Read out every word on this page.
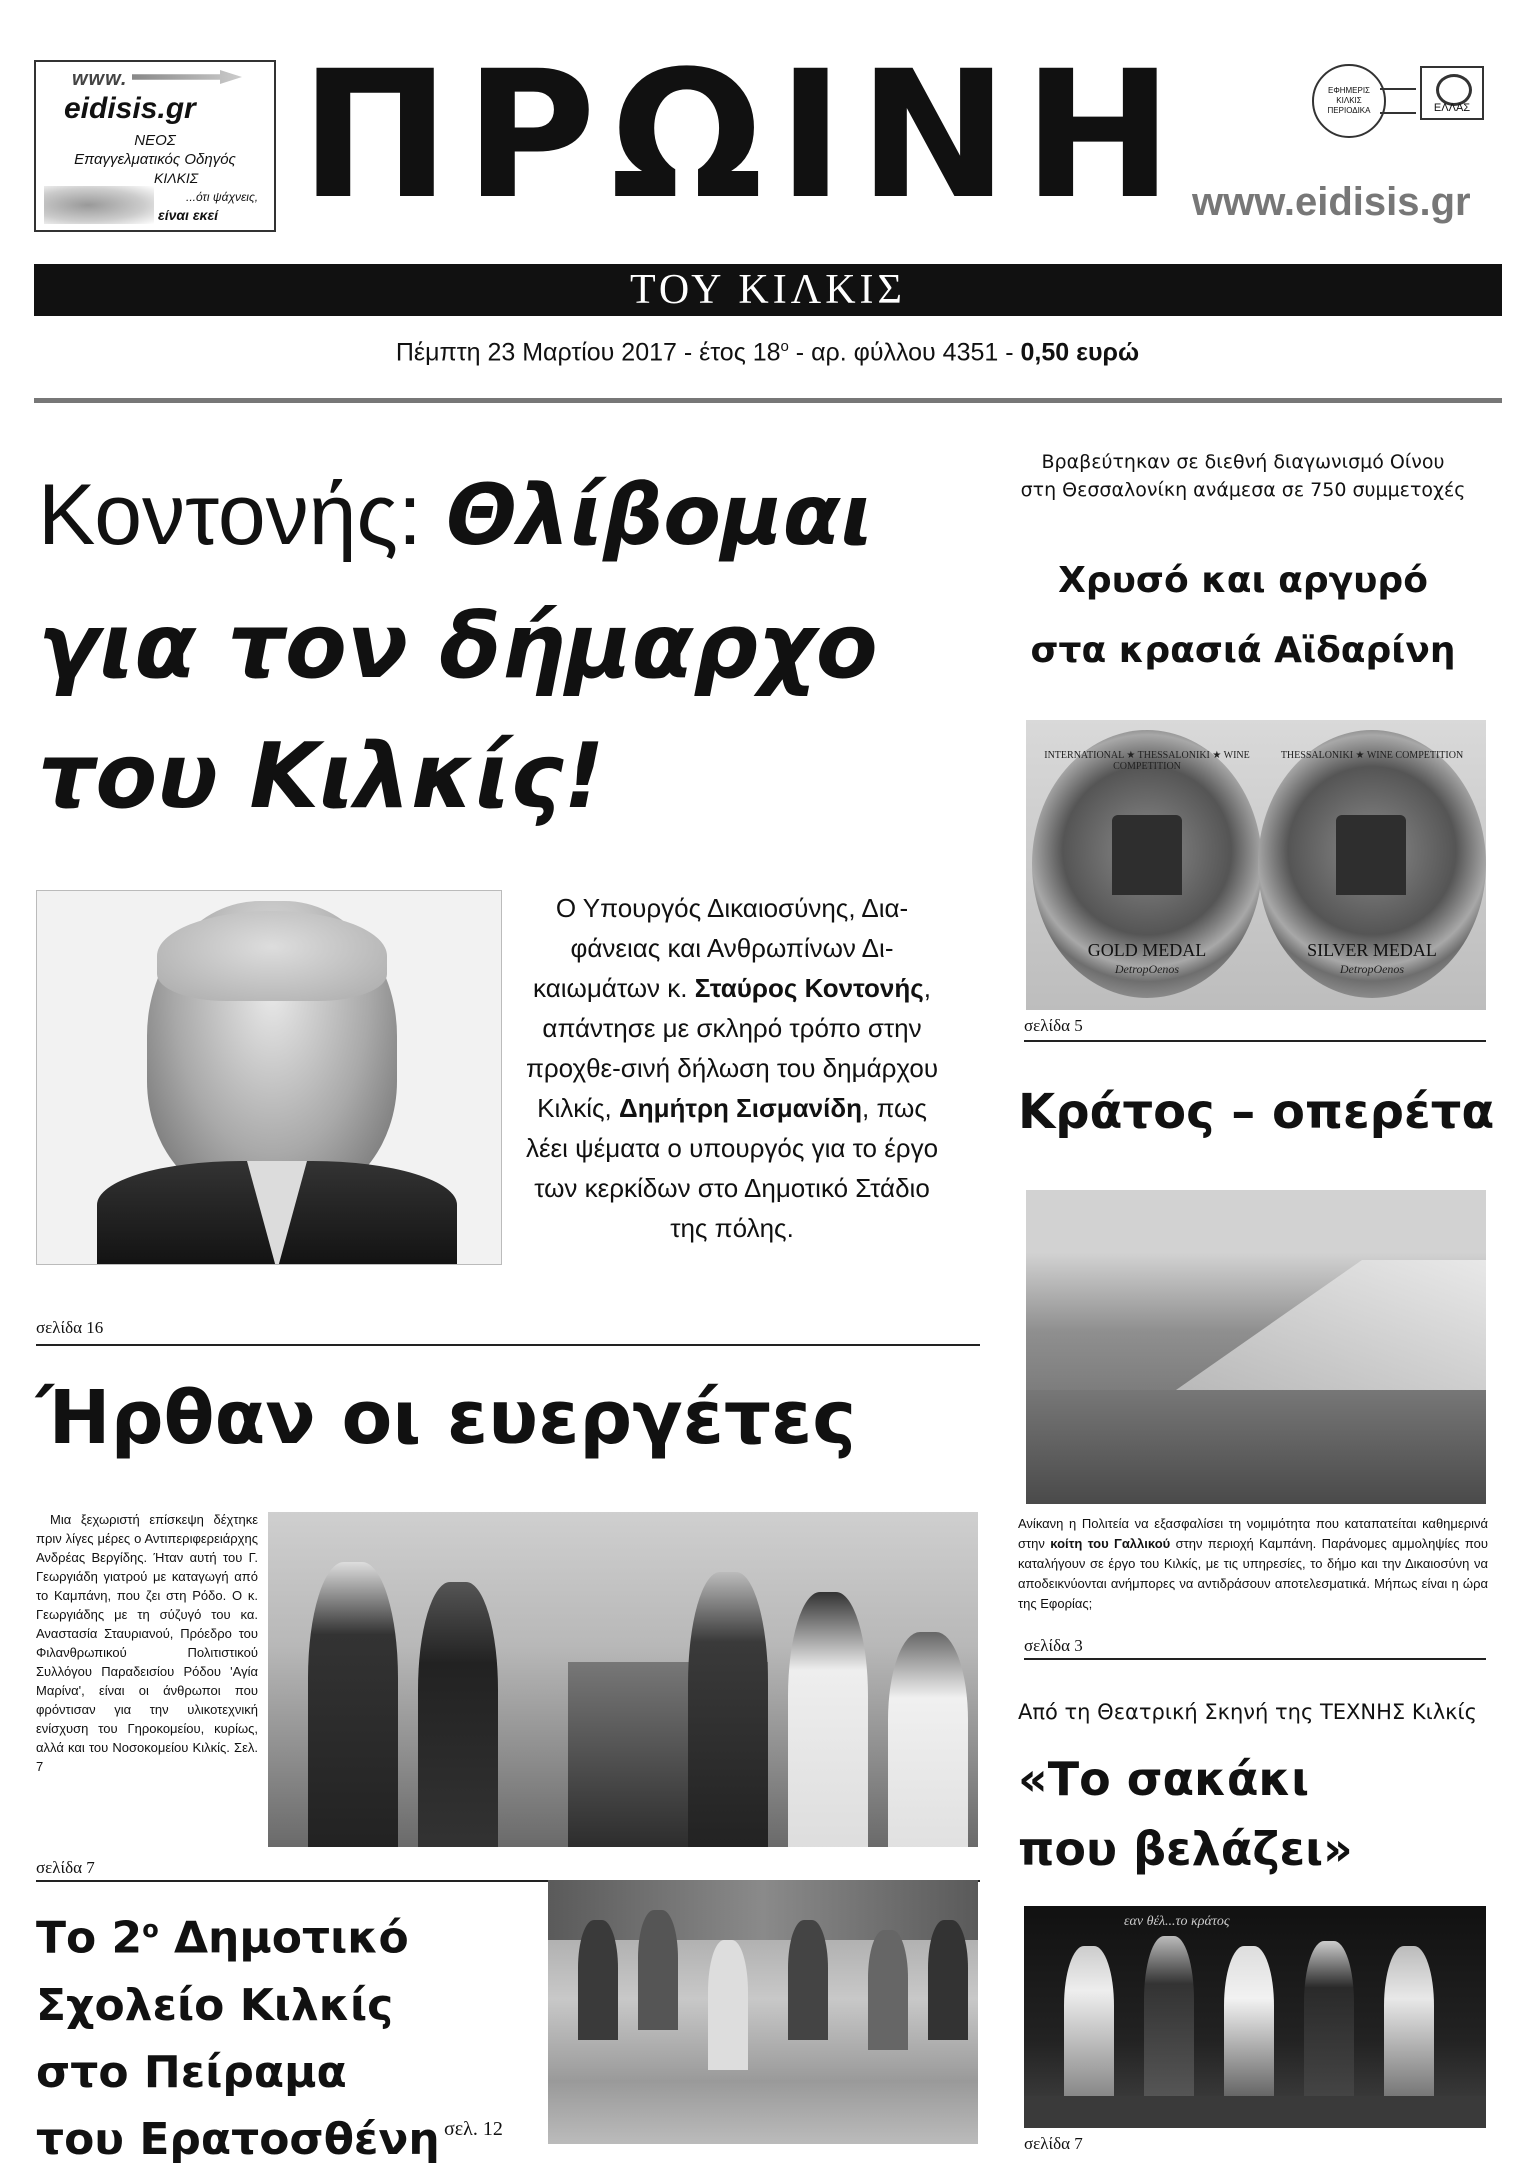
www.
eidisis.gr
ΝΕΟΣ
Επαγγελματικός Οδηγός
ΚΙΛΚΙΣ
...ότι ψάχνεις,
είναι εκεί ΠΡΩΙΝΗ	ΕΦΗΜΕΡΙΣ ΚΙΛΚΙΣ ΠΕΡΙΟΔΙΚΑ	ΕΛΛΑΣ
www.eidisis.gr
ΤΟΥ ΚΙΛΚΙΣ
Πέμπτη 23 Μαρτίου 2017 - έτος $18^o$ - αρ. φύλλου 4351 - 0,50 ευρώ
Κοντονής: Θλίβομαι
για τον δήμαρχο
του Κιλκίς!
Ο Υπουργός Δικαιοσύνης, Δια-φάνειας και Ανθρωπίνων Δι-καιωμάτων κ. Σταύρος Κοντονής, απάντησε με σκληρό τρόπο στην προχθε-σινή δήλωση του δημάρχου Κιλκίς, Δημήτρη Σισμανίδη, πως λέει ψέματα ο υπουργός για το έργο των κερκίδων στο Δημοτικό Στάδιο της πόλης.
σελίδα 16
Ήρθαν οι ευεργέτες
Μια ξεχωριστή επίσκεψη δέχτηκε πριν λίγες μέρες ο Αντιπεριφερειάρχης Ανδρέας Βεργίδης. Ήταν αυτή του Γ. Γεωργιάδη γιατρού με καταγωγή από το Καμπάνη, που ζει στη Ρόδο. Ο κ. Γεωργιάδης με τη σύζυγό του κα. Αναστασία Σταυριανού, Πρόεδρο του Φιλανθρωπικού Πολιτιστικού Συλλόγου Παραδεισίου Ρόδου 'Αγία Μαρίνα', είναι οι άνθρωποι που φρόντισαν για την υλικοτεχνική ενίσχυση του Γηροκομείου, κυρίως, αλλά και του Νοσοκομείου Κιλκίς. Σελ. 7
σελίδα 7
Το $2^o$ Δημοτικό
Σχολείο Κιλκίς
στο Πείραμα
του Ερατοσθένη σελ. 12
Βραβεύτηκαν σε διεθνή διαγωνισμό Οίνου
στη Θεσσαλονίκη ανάμεσα σε 750 συμμετοχές
Χρυσό και αργυρό
στα κρασιά Αϊδαρίνη
INTERNATIONAL ★ THESSALONIKI ★ WINE COMPETITION
GOLD MEDAL
DetropOenos
THESSALONIKI ★ WINE COMPETITION
SILVER MEDAL
DetropOenos
σελίδα 5
Κράτος – οπερέτα
Ανίκανη η Πολιτεία να εξασφαλίσει τη νομιμότητα που καταπατείται καθημερινά στην κοίτη του Γαλλικού στην περιοχή Καμπάνη. Παράνομες αμμοληψίες που καταλήγουν σε έργο του Κιλκίς, με τις υπηρεσίες, το δήμο και την Δικαιοσύνη να αποδεικνύονται ανήμπορες να αντιδράσουν αποτελεσματικά. Μήπως είναι η ώρα της Εφορίας;
σελίδα 3
Από τη Θεατρική Σκηνή της ΤΕΧΝΗΣ Κιλκίς
«Το σακάκι
που βελάζει»
εαν θέλ...το κράτος
σελίδα 7
